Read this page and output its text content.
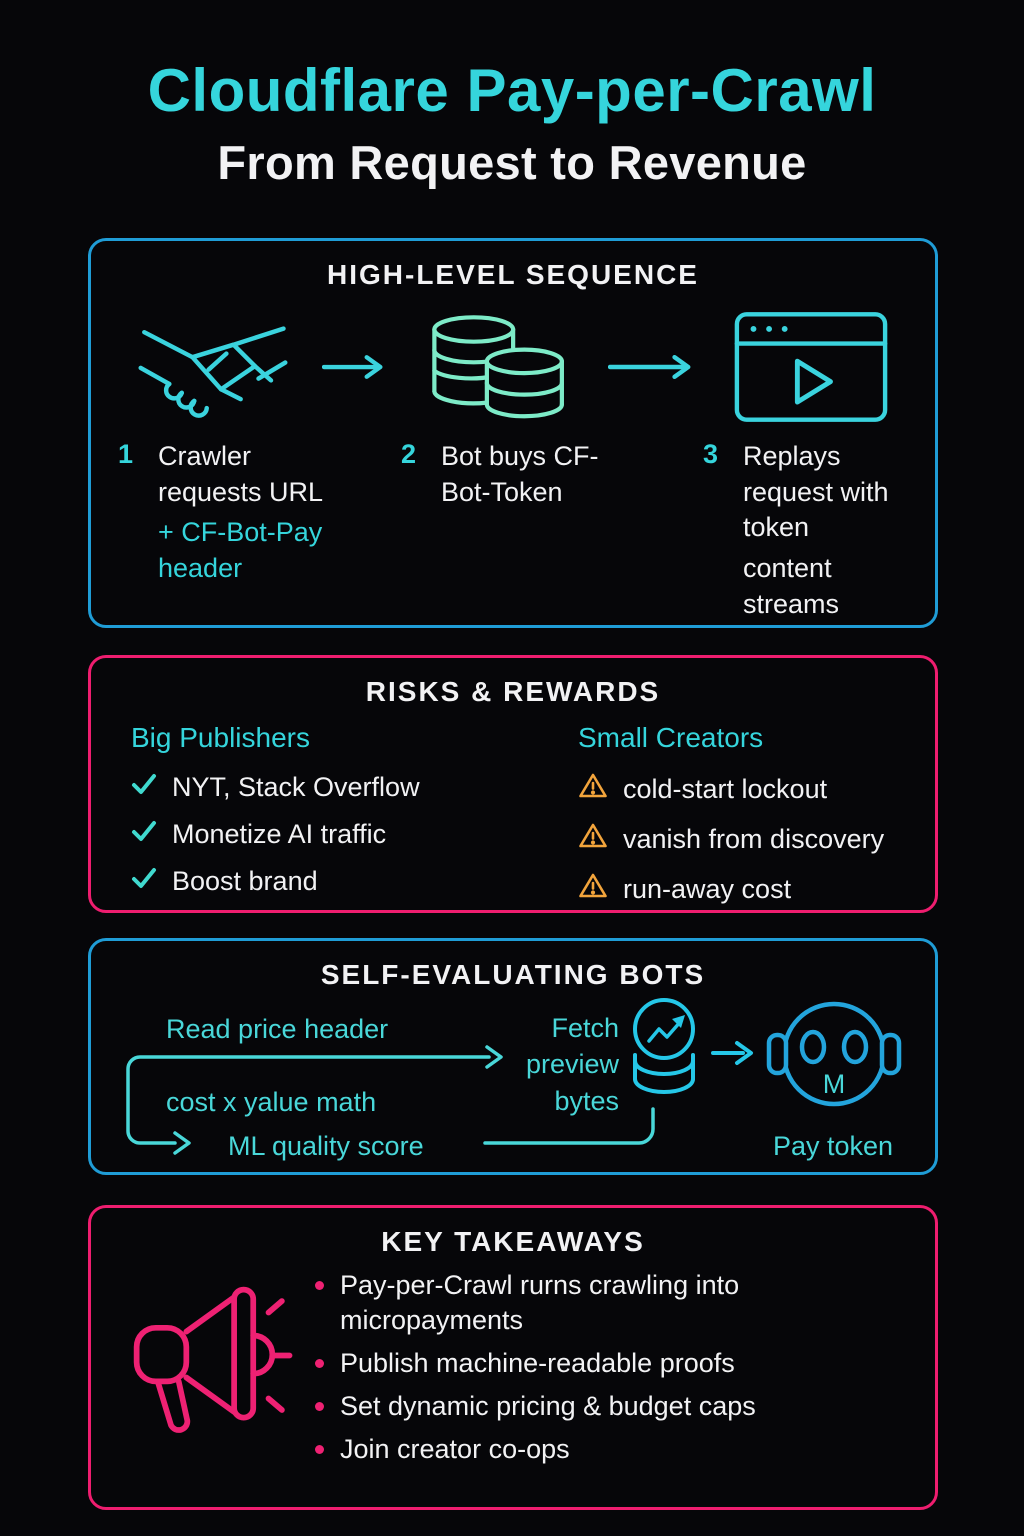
Cloudflare Pay-per-Crawl
From Request to Revenue
HIGH-LEVEL SEQUENCE
1 Crawler requests URL
+ CF-Bot-Pay header
2 Bot buys CF-Bot-Token
3 Replays request with token
content streams
RISKS & REWARDS
Big Publishers
NYT, Stack Overflow
Monetize AI traffic
Boost brand
Small Creators
cold-start lockout
vanish from discovery
run-away cost
SELF-EVALUATING BOTS
Read price header
cost x yalue math
ML quality score
Fetch
preview
bytes
M
Pay token
KEY TAKEAWAYS
Pay-per-Crawl rurns crawling into micropayments
Publish machine-readable proofs
Set dynamic pricing & budget caps
Join creator co-ops
